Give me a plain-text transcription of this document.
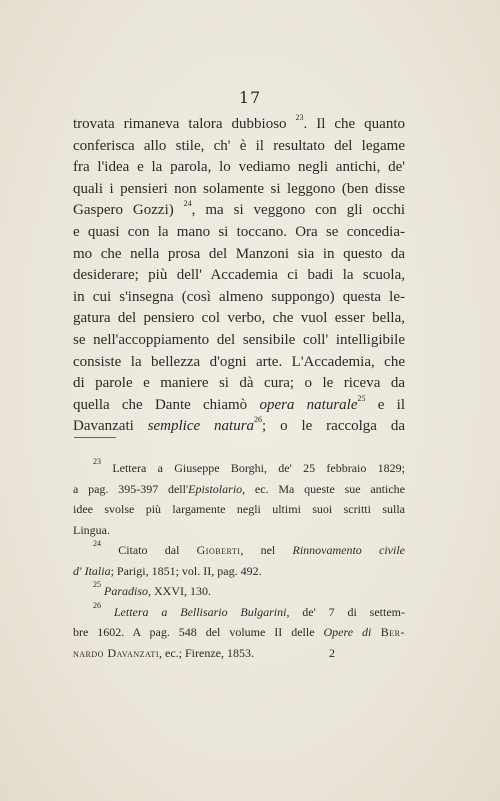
17
trovata rimaneva talora dubbioso $^{23}$. Il che quanto
conferisca allo stile, ch' è il resultato del legame
fra l'idea e la parola, lo vediamo negli antichi, de'
quali i pensieri non solamente si leggono (ben disse
Gaspero Gozzi) $^{24}$, ma si veggono con gli occhi
e quasi con la mano si toccano. Ora se concedia-
mo che nella prosa del Manzoni sia in questo da
desiderare; più dell' Accademia ci badi la scuola,
in cui s'insegna (così almeno suppongo) questa le-
gatura del pensiero col verbo, che vuol esser bella,
se nell'accoppiamento del sensibile coll' intelligibile
consiste la bellezza d'ogni arte. L'Accademia, che
di parole e maniere si dà cura; o le riceva da
quella che Dante chiamò opera naturale$^{25}$ e il
Davanzati semplice natura$^{26}$; o le raccolga da
$^{23}$ Lettera a Giuseppe Borghi, de' 25 febbraio 1829;
a pag. 395-397 dell'Epistolario, ec. Ma queste sue antiche
idee svolse più largamente negli ultimi suoi scritti sulla
Lingua.
$^{24}$ Citato dal Gioberti, nel Rinnovamento civile
d' Italia; Parigi, 1851; vol. II, pag. 492.
$^{25}$ Paradiso, XXVI, 130.
$^{26}$ Lettera a Bellisario Bulgarini, de' 7 di settem-
bre 1602. A pag. 548 del volume II delle Opere di Ber-
nardo Davanzati, ec.; Firenze, 1853.	2
